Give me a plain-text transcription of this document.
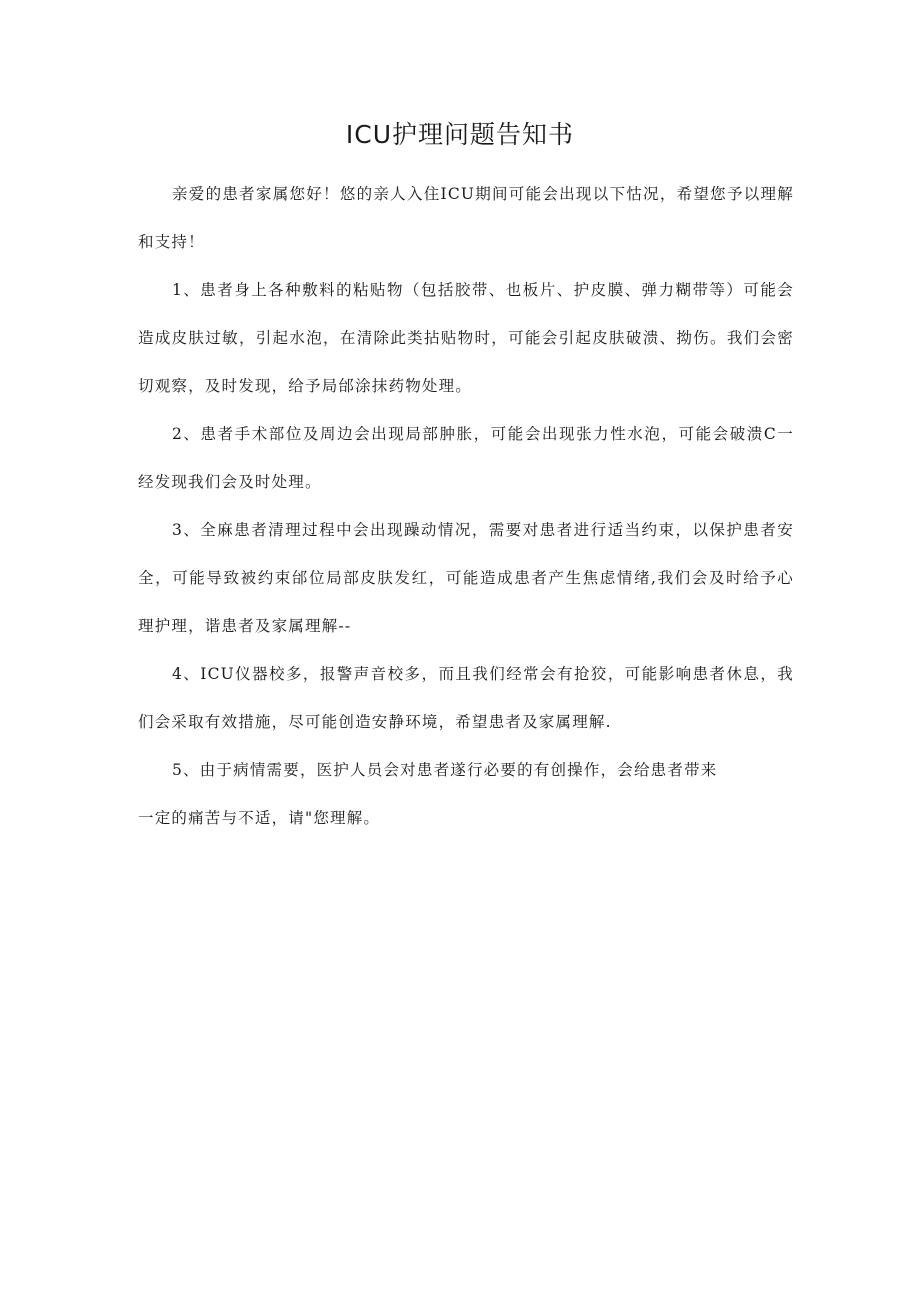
ICU护理问题告知书

亲爱的患者家属您好！悠的亲人入住ICU期间可能会出现以下怙况，希望您予以理解和支持！

1、患者身上各种敷料的粘贴物（包括胶带、也板片、护皮膜、弹力糊带等）可能会造成皮肤过敏，引起水泡，在清除此类拈贴物时，可能会引起皮肤破溃、拗伤。我们会密切观察，及时发现，给予局邰涂抹药物处理。

2、患者手术部位及周边会出现局部肿胀，可能会出现张力性水泡，可能会破溃C一经发现我们会及时处理。

3、全麻患者清理过程中会出现躁动情况，需要对患者进行适当约束，以保护患者安全，可能导致被约束邰位局部皮肤发红，可能造成患者产生焦虑情绪,我们会及时给予心理护理，谐患者及家属理解--

4、ICU仪器校多，报警声音校多，而且我们经常会有抢狡，可能影响患者休息，我们会采取有效措施，尽可能创造安静环境，希望患者及家属理解.

5、由于病情需要，医护人员会对患者遂行必要的有创操作，会给患者带来

一定的痛苦与不适，请"您理解。
